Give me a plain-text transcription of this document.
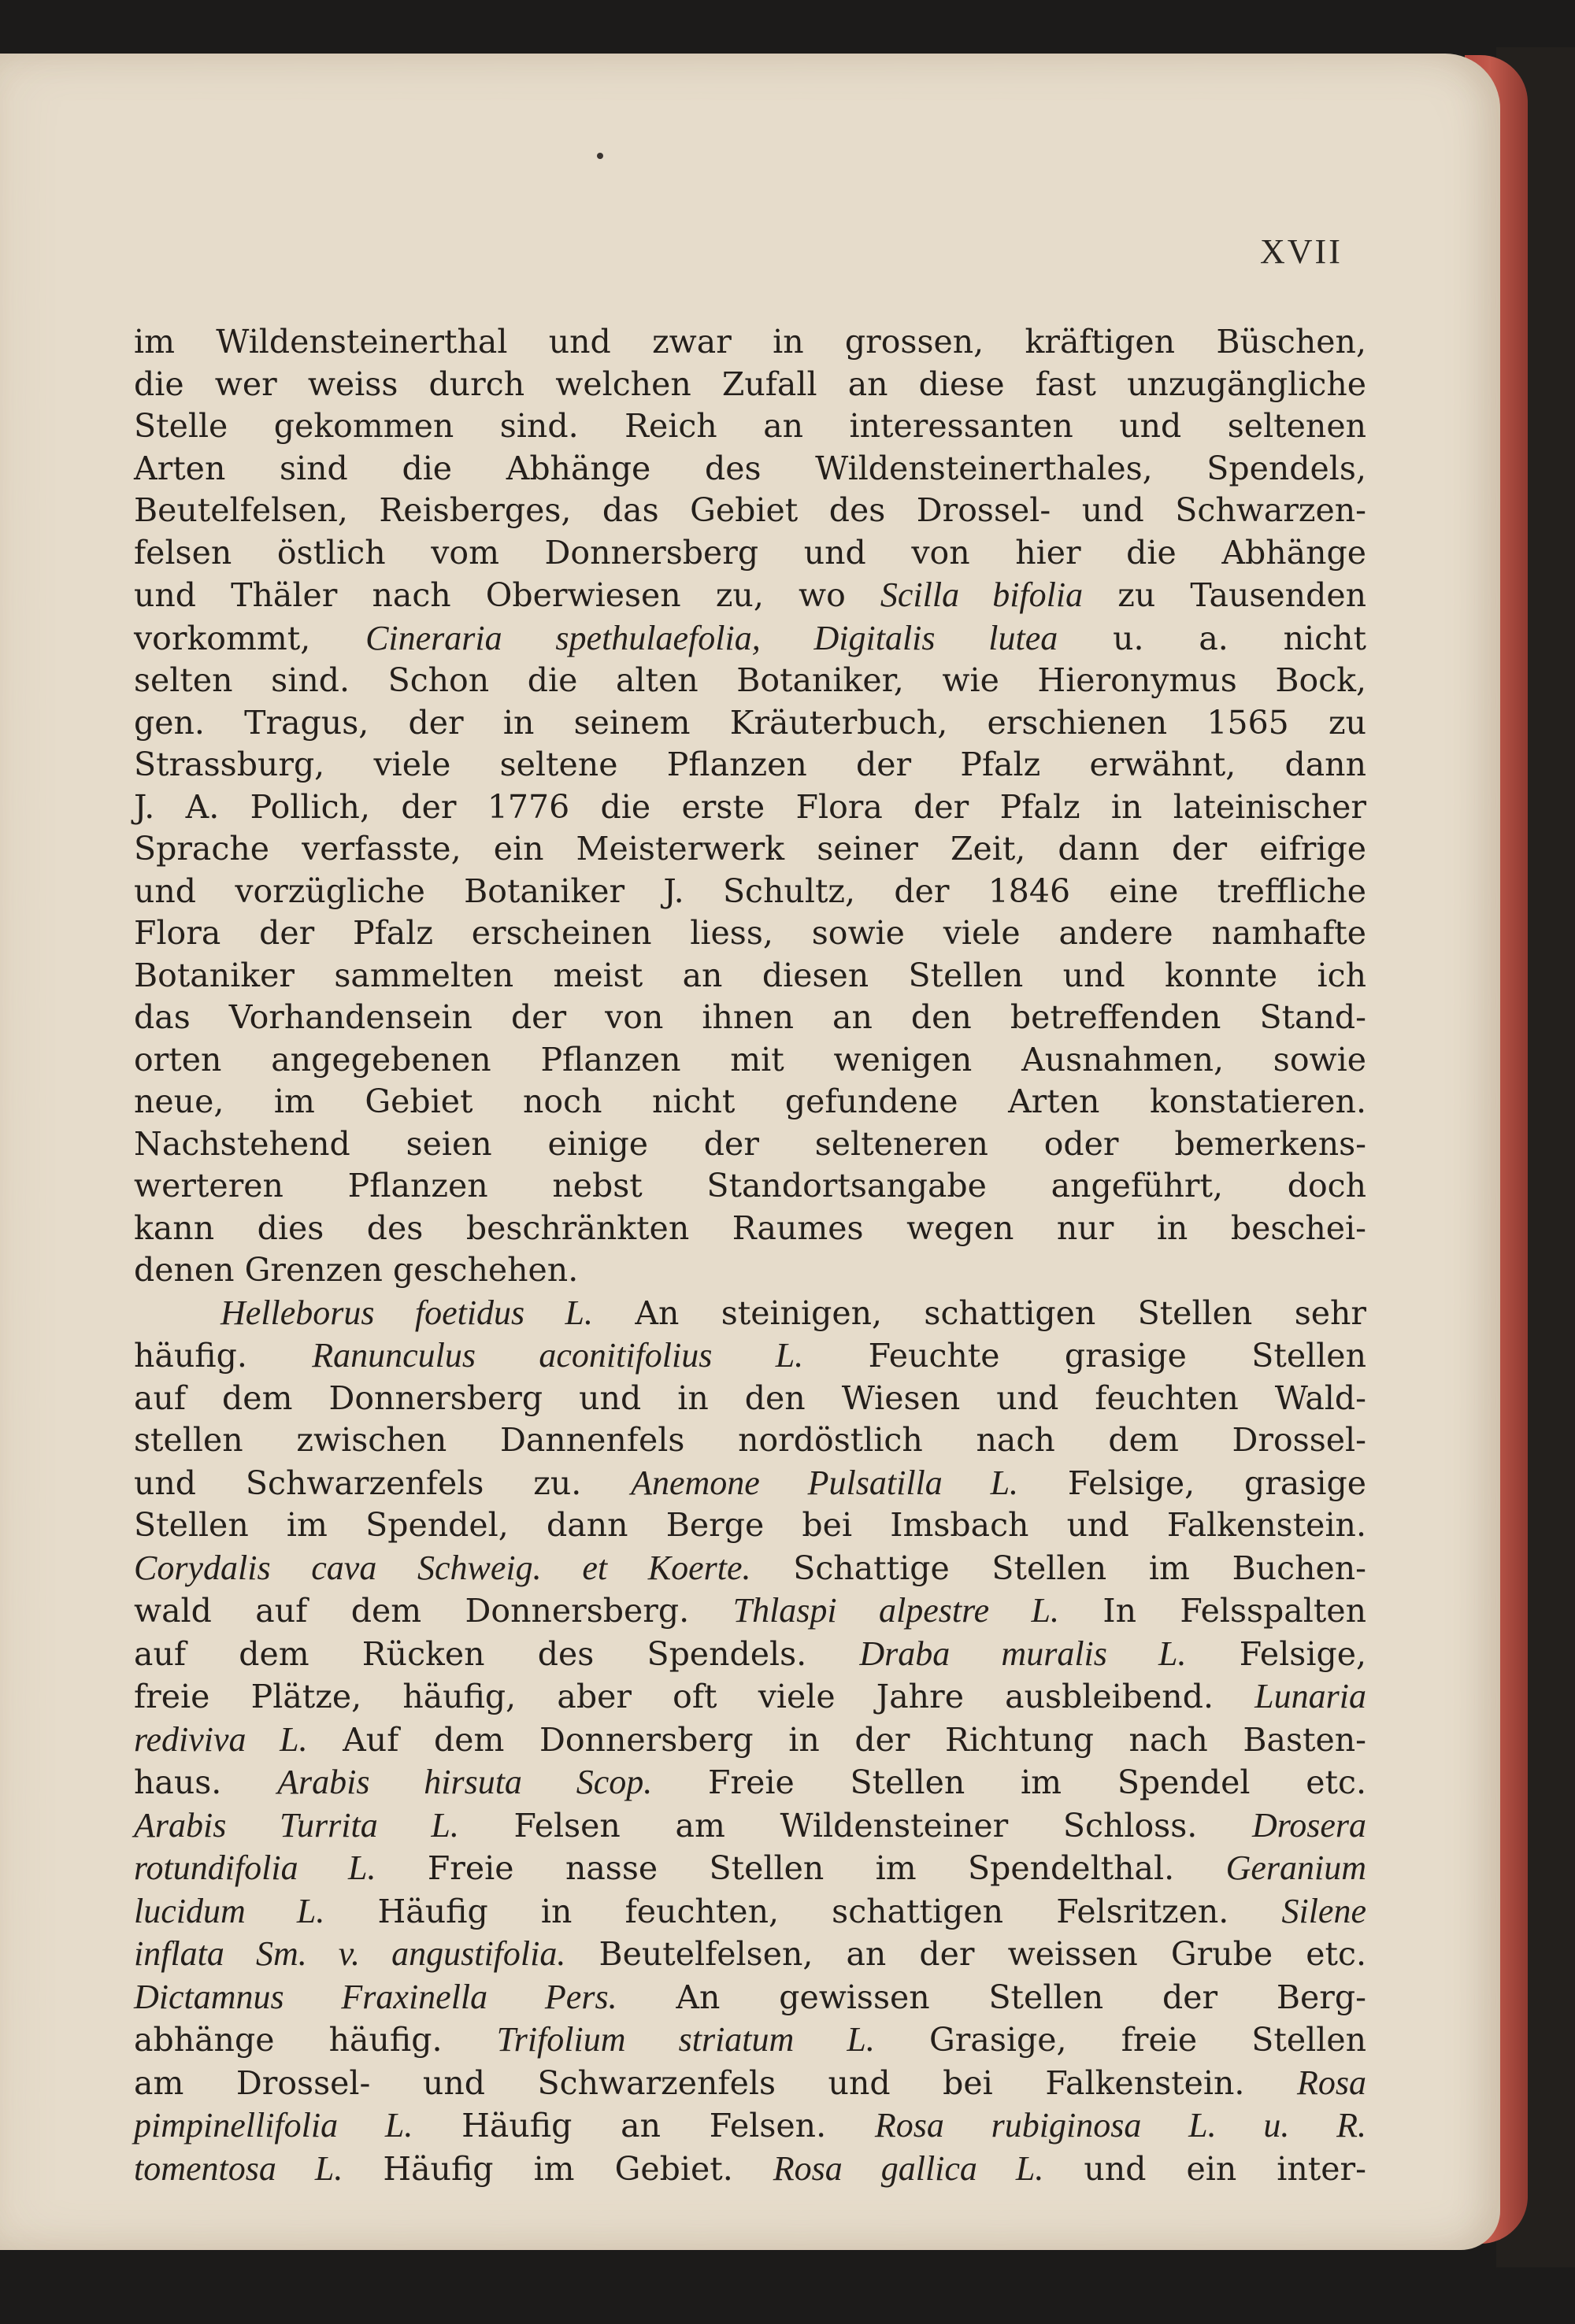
XVII
im Wildensteinerthal und zwar in grossen, kräftigen Büschen,
die wer weiss durch welchen Zufall an diese fast unzugängliche
Stelle gekommen sind. Reich an interessanten und seltenen
Arten sind die Abhänge des Wildensteinerthales, Spendels,
Beutelfelsen, Reisberges, das Gebiet des Drossel- und Schwarzen-
felsen östlich vom Donnersberg und von hier die Abhänge
und Thäler nach Oberwiesen zu, wo Scilla bifolia zu Tausenden
vorkommt, Cineraria spethulaefolia, Digitalis lutea u. a. nicht
selten sind. Schon die alten Botaniker, wie Hieronymus Bock,
gen. Tragus, der in seinem Kräuterbuch, erschienen 1565 zu
Strassburg, viele seltene Pflanzen der Pfalz erwähnt, dann
J. A. Pollich, der 1776 die erste Flora der Pfalz in lateinischer
Sprache verfasste, ein Meisterwerk seiner Zeit, dann der eifrige
und vorzügliche Botaniker J. Schultz, der 1846 eine treffliche
Flora der Pfalz erscheinen liess, sowie viele andere namhafte
Botaniker sammelten meist an diesen Stellen und konnte ich
das Vorhandensein der von ihnen an den betreffenden Stand-
orten angegebenen Pflanzen mit wenigen Ausnahmen, sowie
neue, im Gebiet noch nicht gefundene Arten konstatieren.
Nachstehend seien einige der selteneren oder bemerkens-
werteren Pflanzen nebst Standortsangabe angeführt, doch
kann dies des beschränkten Raumes wegen nur in beschei-
denen Grenzen geschehen.
Helleborus foetidus L. An steinigen, schattigen Stellen sehr
häufig. Ranunculus aconitifolius L. Feuchte grasige Stellen
auf dem Donnersberg und in den Wiesen und feuchten Wald-
stellen zwischen Dannenfels nordöstlich nach dem Drossel-
und Schwarzenfels zu. Anemone Pulsatilla L. Felsige, grasige
Stellen im Spendel, dann Berge bei Imsbach und Falkenstein.
Corydalis cava Schweig. et Koerte. Schattige Stellen im Buchen-
wald auf dem Donnersberg. Thlaspi alpestre L. In Felsspalten
auf dem Rücken des Spendels. Draba muralis L. Felsige,
freie Plätze, häufig, aber oft viele Jahre ausbleibend. Lunaria
rediviva L. Auf dem Donnersberg in der Richtung nach Basten-
haus. Arabis hirsuta Scop. Freie Stellen im Spendel etc.
Arabis Turrita L. Felsen am Wildensteiner Schloss. Drosera
rotundifolia L. Freie nasse Stellen im Spendelthal. Geranium
lucidum L. Häufig in feuchten, schattigen Felsritzen. Silene
inflata Sm. v. angustifolia. Beutelfelsen, an der weissen Grube etc.
Dictamnus Fraxinella Pers. An gewissen Stellen der Berg-
abhänge häufig. Trifolium striatum L. Grasige, freie Stellen
am Drossel- und Schwarzenfels und bei Falkenstein. Rosa
pimpinellifolia L. Häufig an Felsen. Rosa rubiginosa L. u. R.
tomentosa L. Häufig im Gebiet. Rosa gallica L. und ein inter-
